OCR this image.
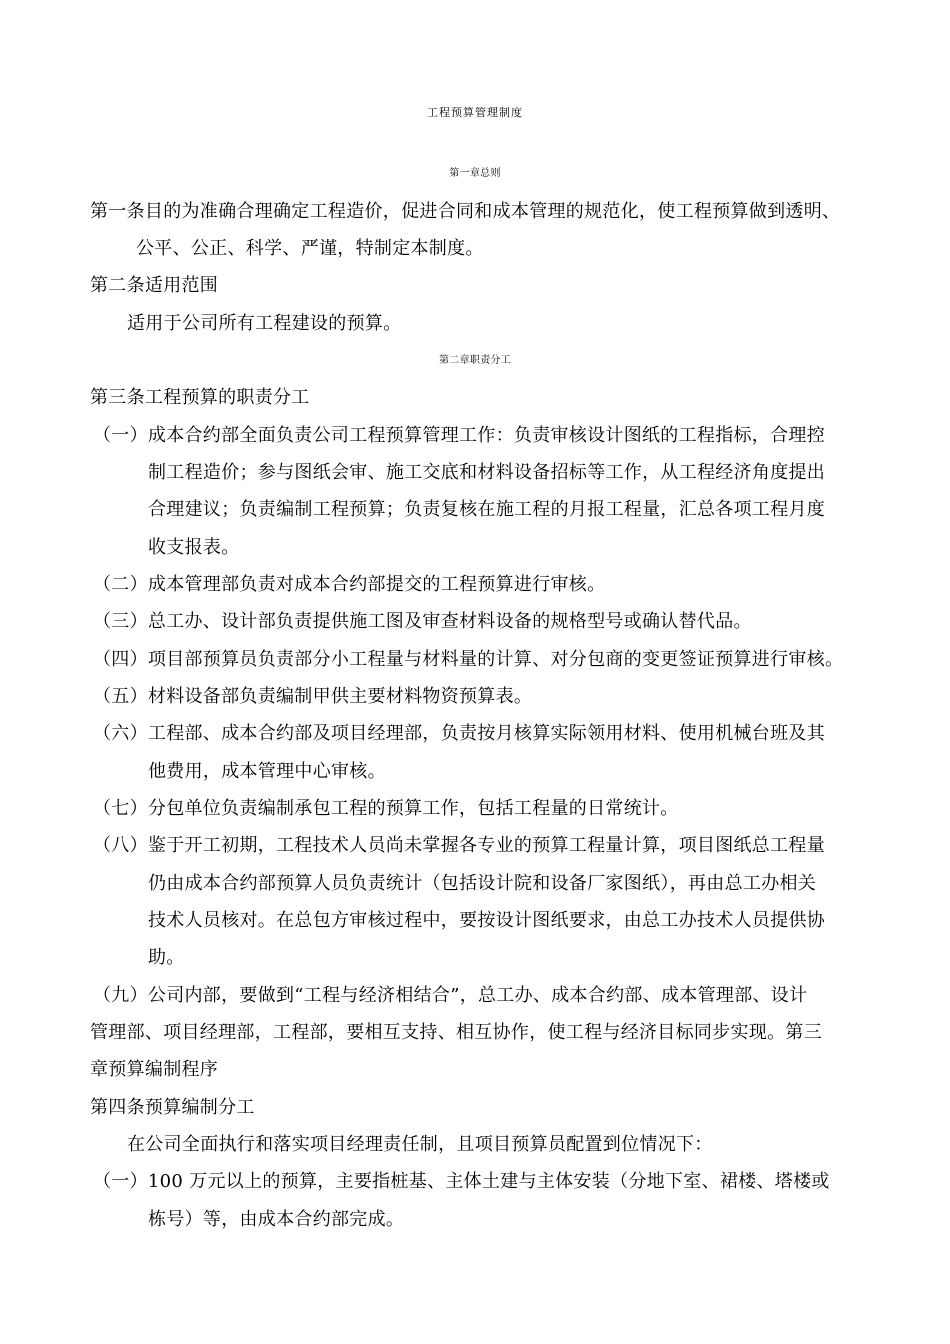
工程预算管理制度
第一章总则
第一条目的为准确合理确定工程造价，促进合同和成本管理的规范化，使工程预算做到透明、
公平、公正、科学、严谨，特制定本制度。
第二条适用范围
适用于公司所有工程建设的预算。
第二章职责分工
第三条工程预算的职责分工
（一）成本合约部全面负责公司工程预算管理工作：负责审核设计图纸的工程指标，合理控
制工程造价；参与图纸会审、施工交底和材料设备招标等工作，从工程经济角度提出
合理建议；负责编制工程预算；负责复核在施工程的月报工程量，汇总各项工程月度
收支报表。
（二）成本管理部负责对成本合约部提交的工程预算进行审核。
（三）总工办、设计部负责提供施工图及审查材料设备的规格型号或确认替代品。
（四）项目部预算员负责部分小工程量与材料量的计算、对分包商的变更签证预算进行审核。
（五）材料设备部负责编制甲供主要材料物资预算表。
（六）工程部、成本合约部及项目经理部，负责按月核算实际领用材料、使用机械台班及其
他费用，成本管理中心审核。
（七）分包单位负责编制承包工程的预算工作，包括工程量的日常统计。
（八）鉴于开工初期，工程技术人员尚未掌握各专业的预算工程量计算，项目图纸总工程量
仍由成本合约部预算人员负责统计（包括设计院和设备厂家图纸），再由总工办相关
技术人员核对。在总包方审核过程中，要按设计图纸要求，由总工办技术人员提供协
助。
（九）公司内部，要做到“工程与经济相结合”，总工办、成本合约部、成本管理部、设计
管理部、项目经理部，工程部，要相互支持、相互协作，使工程与经济目标同步实现。第三
章预算编制程序
第四条预算编制分工
在公司全面执行和落实项目经理责任制，且项目预算员配置到位情况下：
（一）100 万元以上的预算，主要指桩基、主体土建与主体安装（分地下室、裙楼、塔楼或
栋号）等，由成本合约部完成。
